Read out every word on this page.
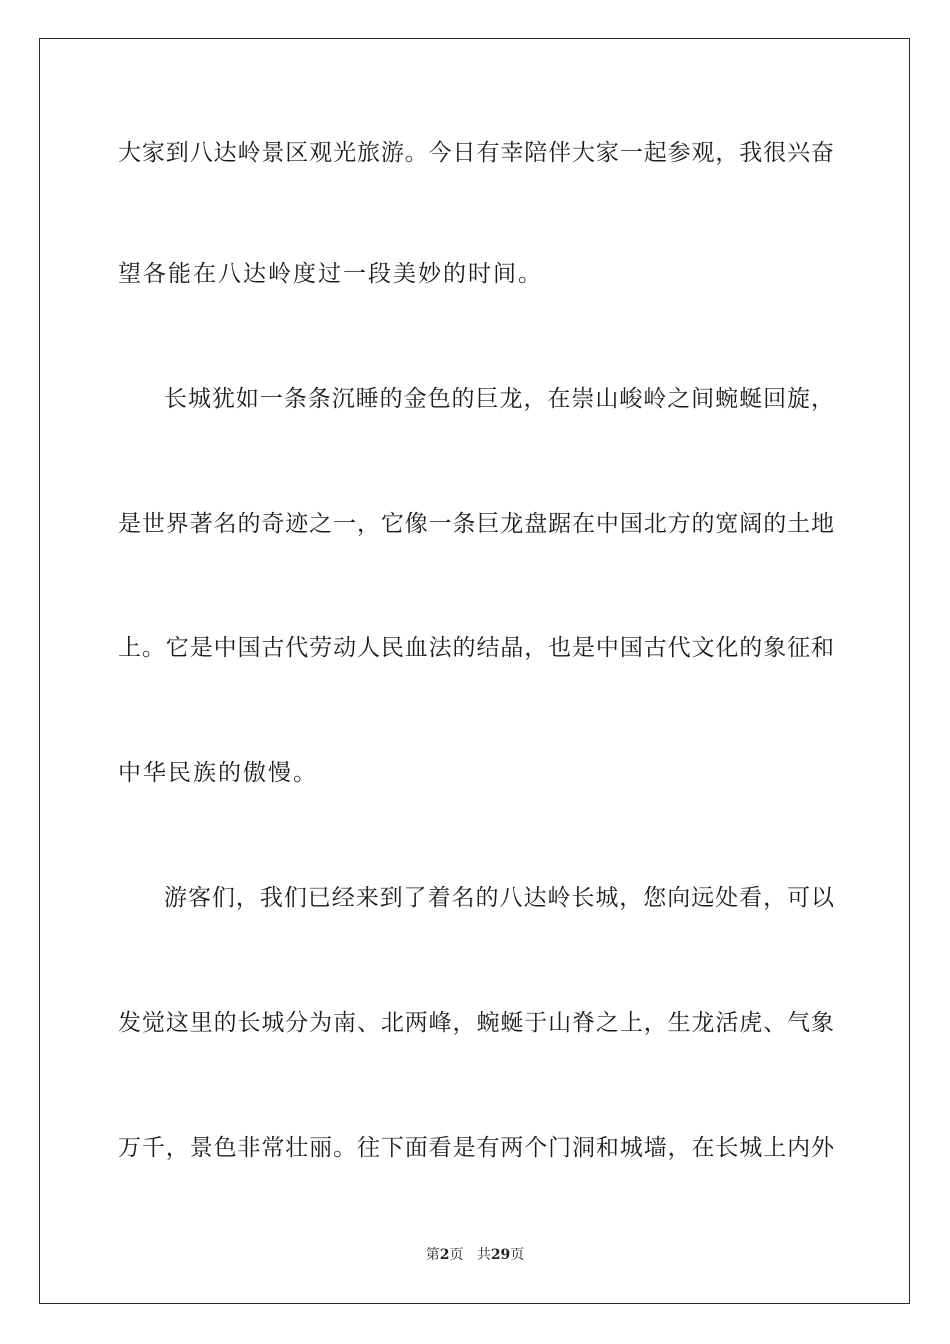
大家到八达岭景区观光旅游。今日有幸陪伴大家一起参观，我很兴奋
望各能在八达岭度过一段美妙的时间。
长城犹如一条条沉睡的金色的巨龙，在崇山峻岭之间蜿蜒回旋，
是世界著名的奇迹之一，它像一条巨龙盘踞在中国北方的宽阔的土地
上。它是中国古代劳动人民血法的结晶，也是中国古代文化的象征和
中华民族的傲慢。
游客们，我们已经来到了着名的八达岭长城，您向远处看，可以
发觉这里的长城分为南、北两峰，蜿蜒于山脊之上，生龙活虎、气象
万千，景色非常壮丽。往下面看是有两个门洞和城墙，在长城上内外
第2页 共29页
